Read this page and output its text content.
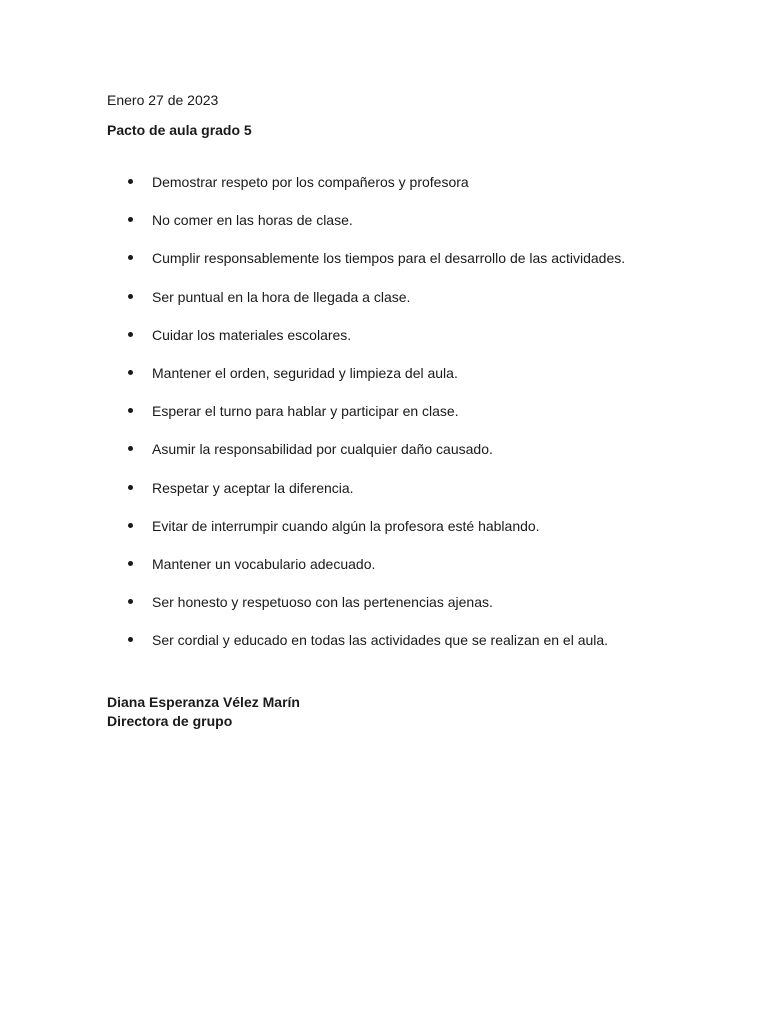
Enero 27 de 2023
Pacto de aula grado 5
Demostrar respeto por los compañeros y profesora
No comer en las horas de clase.
Cumplir responsablemente los tiempos para el desarrollo de las actividades.
Ser puntual en la hora de llegada a clase.
Cuidar los materiales escolares.
Mantener el orden, seguridad y limpieza del aula.
Esperar el turno para hablar y participar en clase.
Asumir la responsabilidad por cualquier daño causado.
Respetar y aceptar la diferencia.
Evitar de interrumpir cuando algún la profesora esté hablando.
Mantener un vocabulario adecuado.
Ser honesto y respetuoso con las pertenencias ajenas.
Ser cordial y educado en todas las actividades que se realizan en el aula.
Diana Esperanza Vélez Marín
Directora de grupo
